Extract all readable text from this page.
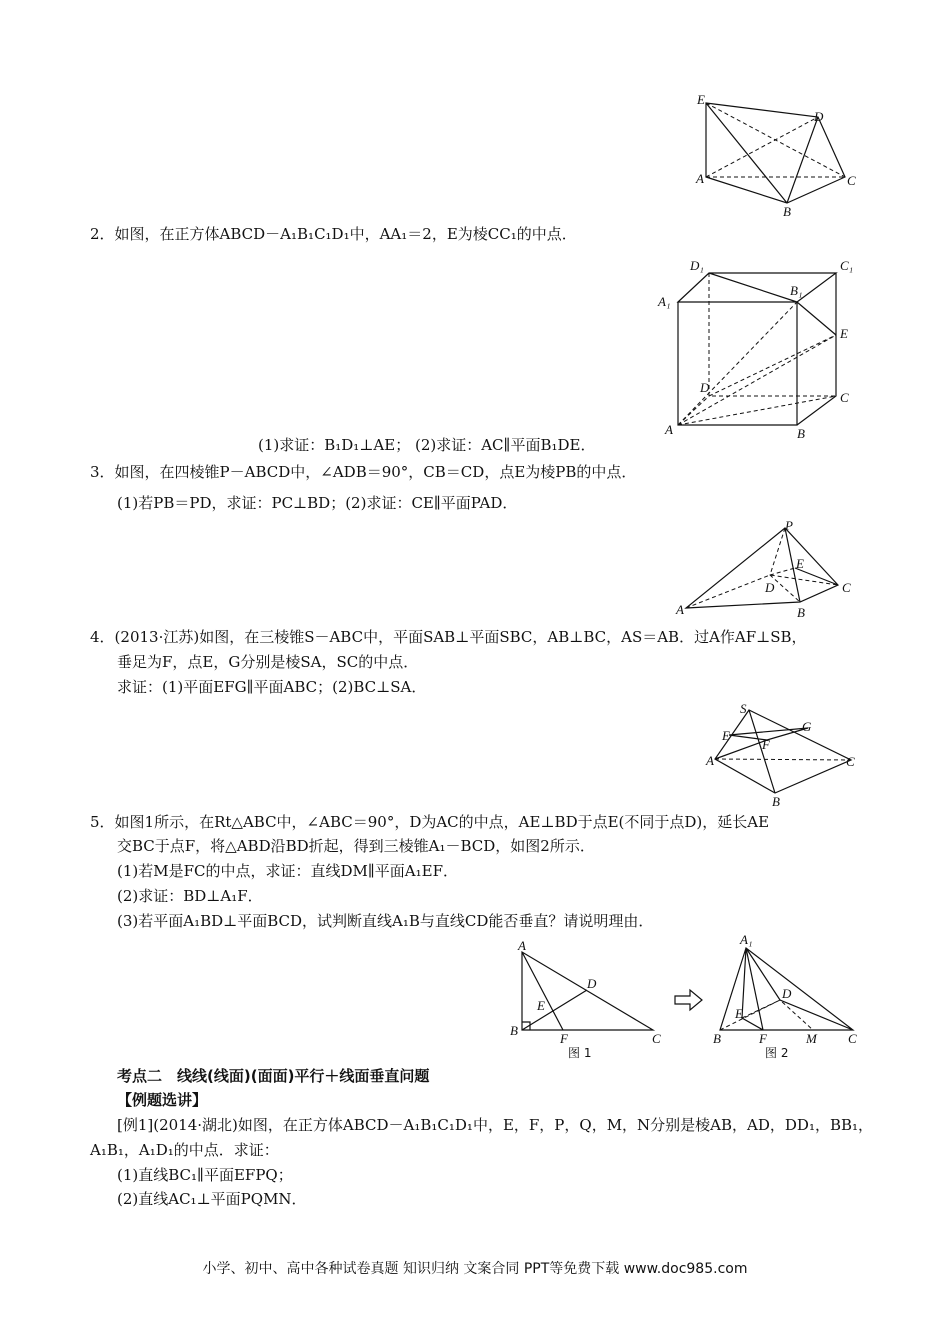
2．如图，在正方体ABCD－A₁B₁C₁D₁中，AA₁＝2，E为棱CC₁的中点．
(1)求证：B₁D₁⊥AE； (2)求证：AC∥平面B₁DE．
3．如图，在四棱锥P－ABCD中，∠ADB＝90°，CB＝CD，点E为棱PB的中点．
(1)若PB＝PD，求证：PC⊥BD；(2)求证：CE∥平面PAD．
4．(2013·江苏)如图，在三棱锥S－ABC中，平面SAB⊥平面SBC，AB⊥BC，AS＝AB．过A作AF⊥SB，
垂足为F，点E，G分别是棱SA，SC的中点．
求证：(1)平面EFG∥平面ABC；(2)BC⊥SA．
5．如图1所示，在Rt△ABC中，∠ABC＝90°，D为AC的中点，AE⊥BD于点E(不同于点D)，延长AE
交BC于点F，将△ABD沿BD折起，得到三棱锥A₁－BCD，如图2所示．
(1)若M是FC的中点，求证：直线DM∥平面A₁EF．
(2)求证：BD⊥A₁F．
(3)若平面A₁BD⊥平面BCD，试判断直线A₁B与直线CD能否垂直？请说明理由．
考点二　线线(线面)(面面)平行＋线面垂直问题
【例题选讲】
[例1](2014·湖北)如图，在正方体ABCD－A₁B₁C₁D₁中，E，F，P，Q，M，N分别是棱AB，AD，DD₁，BB₁，
A₁B₁，A₁D₁的中点．求证：
(1)直线BC₁∥平面EFPQ；
(2)直线AC₁⊥平面PQMN．
E
D
A	C
B
D₁	C₁
A₁
B₁
E
D
C
A	B
P
E
D	C
A	B
S
G
E
F
A	C
B
A
D
E
B
F	C
图 1
A₁
D
E
B	F	M C
图 2
小学、初中、高中各种试卷真题 知识归纳 文案合同 PPT等免费下载 www.doc985.com
